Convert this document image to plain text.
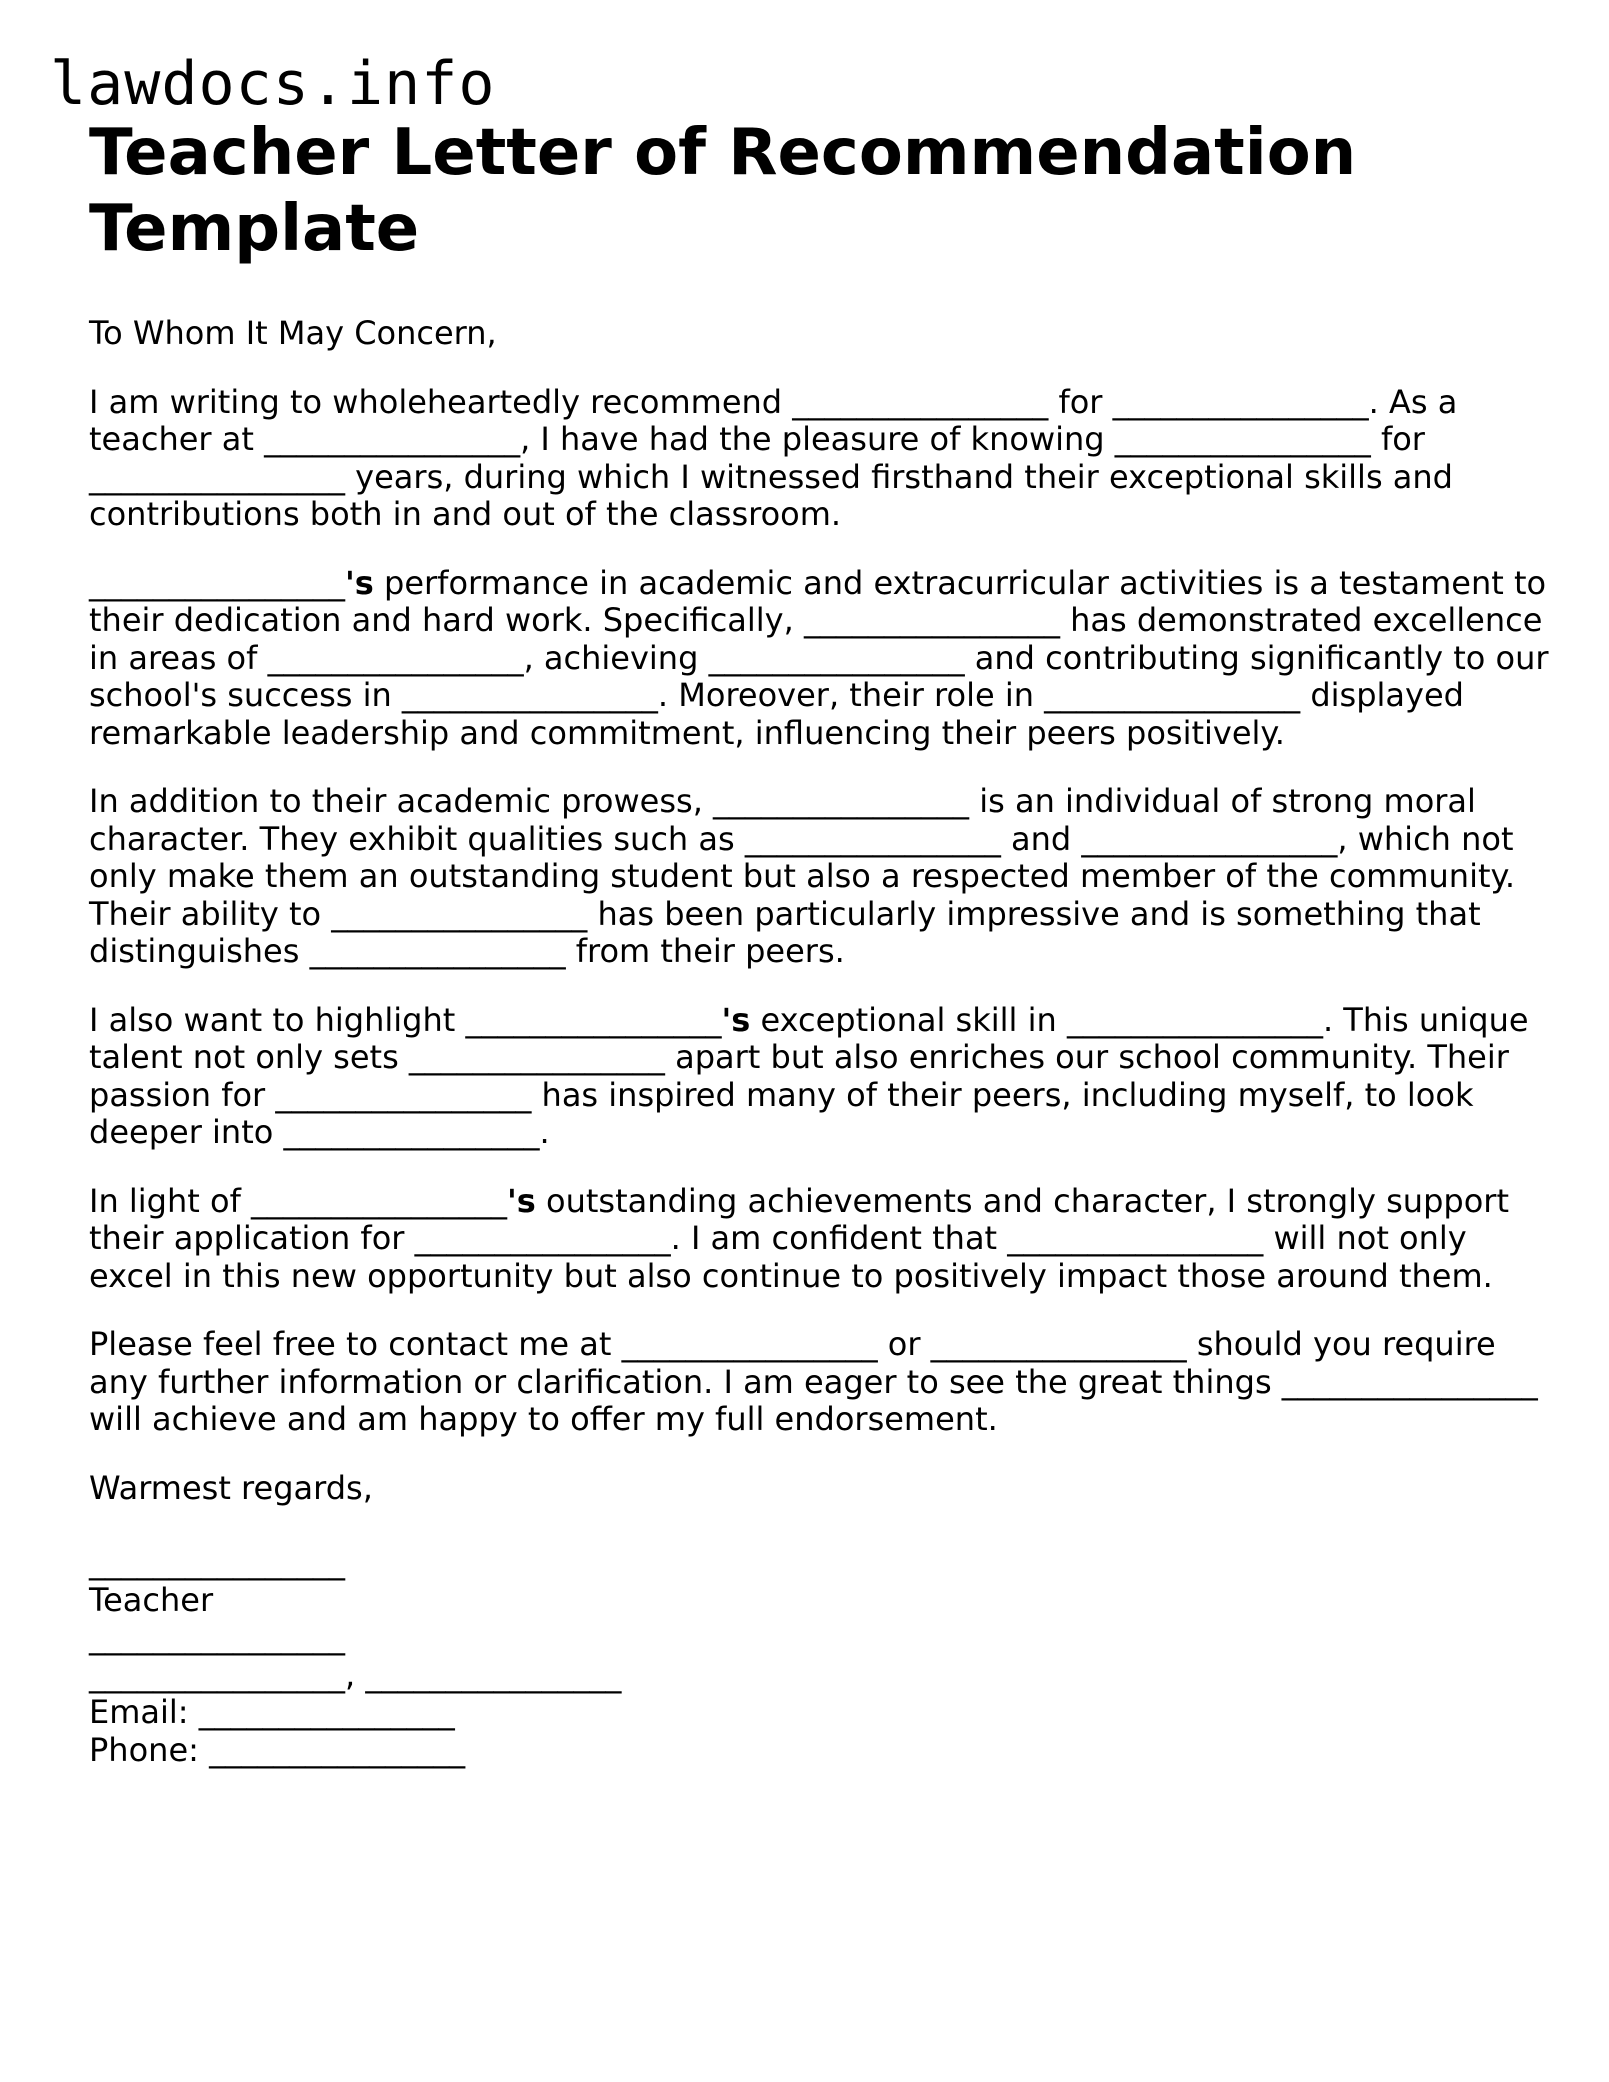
lawdocs.info
Teacher Letter of Recommendation Template

To Whom It May Concern,

I am writing to wholeheartedly recommend ________________ for ________________. As a teacher at ________________, I have had the pleasure of knowing ________________ for ________________ years, during which I witnessed firsthand their exceptional skills and contributions both in and out of the classroom.

________________'s performance in academic and extracurricular activities is a testament to their dedication and hard work. Specifically, ________________ has demonstrated excellence in areas of ________________, achieving ________________ and contributing significantly to our school's success in ________________. Moreover, their role in ________________ displayed remarkable leadership and commitment, influencing their peers positively.

In addition to their academic prowess, ________________ is an individual of strong moral character. They exhibit qualities such as ________________ and ________________, which not only make them an outstanding student but also a respected member of the community. Their ability to ________________ has been particularly impressive and is something that distinguishes ________________ from their peers.

I also want to highlight ________________'s exceptional skill in ________________. This unique talent not only sets ________________ apart but also enriches our school community. Their passion for ________________ has inspired many of their peers, including myself, to look deeper into ________________.

In light of ________________'s outstanding achievements and character, I strongly support their application for ________________. I am confident that ________________ will not only excel in this new opportunity but also continue to positively impact those around them.

Please feel free to contact me at ________________ or ________________ should you require any further information or clarification. I am eager to see the great things ________________ will achieve and am happy to offer my full endorsement.

Warmest regards,

________________
Teacher
________________
________________, ________________
Email: ________________
Phone: ________________
